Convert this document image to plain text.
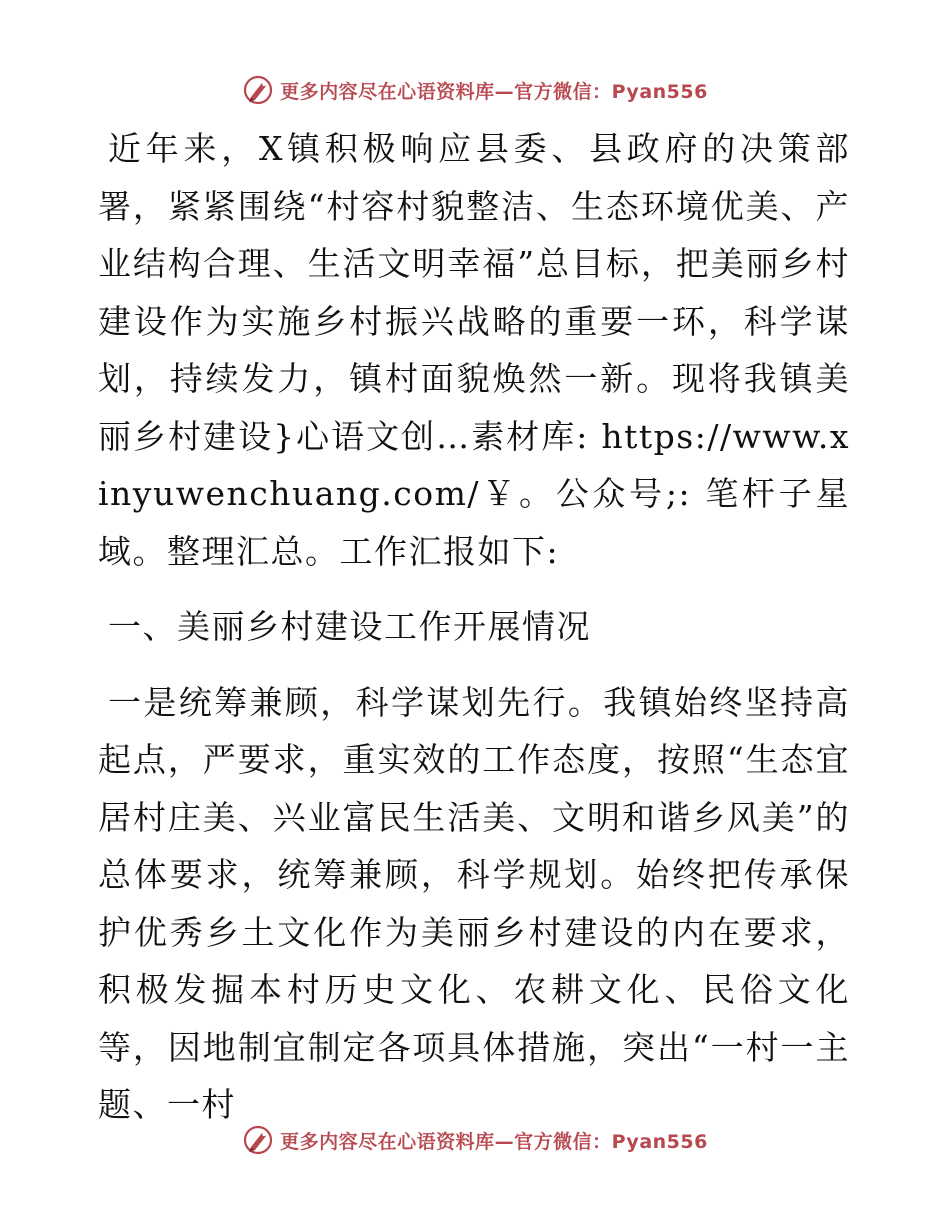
更多内容尽在心语资料库—官方微信：Pyan556

近年来，X镇积极响应县委、县政府的决策部署，紧紧围绕“村容村貌整洁、生态环境优美、产业结构合理、生活文明幸福”总目标，把美丽乡村建设作为实施乡村振兴战略的重要一环，科学谋划，持续发力，镇村面貌焕然一新。现将我镇美丽乡村建设}心语文创…素材库: https://www.xinyuwenchuang.com/￥。公众号;: 笔杆子星域。整理汇总。工作汇报如下:

一、美丽乡村建设工作开展情况

一是统筹兼顾，科学谋划先行。我镇始终坚持高起点，严要求，重实效的工作态度，按照“生态宜居村庄美、兴业富民生活美、文明和谐乡风美”的总体要求，统筹兼顾，科学规划。始终把传承保护优秀乡土文化作为美丽乡村建设的内在要求，积极发掘本村历史文化、农耕文化、民俗文化等，因地制宜制定各项具体措施，突出“一村一主题、一村

更多内容尽在心语资料库—官方微信：Pyan556
